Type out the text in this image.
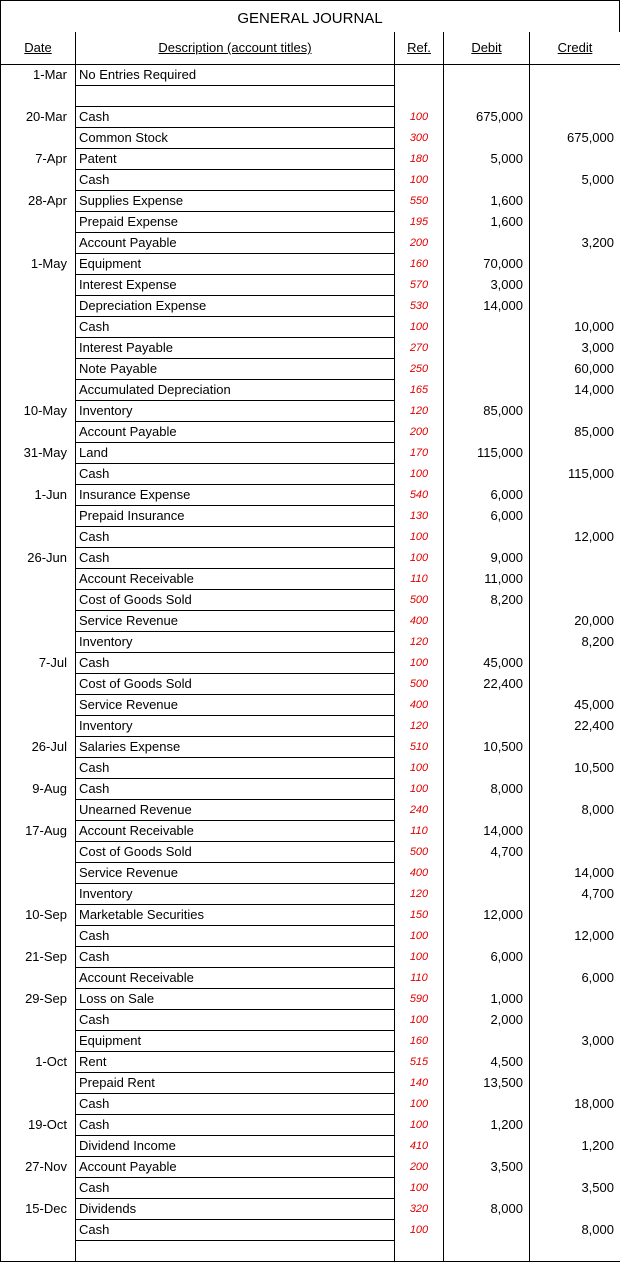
GENERAL JOURNAL
Date	Description (account titles)	Ref.	Debit	Credit
1-Mar	No Entries Required			

20-Mar	Cash	100	675,000	
	Common Stock	300		675,000
7-Apr	Patent	180	5,000	
	Cash	100		5,000
28-Apr	Supplies Expense	550	1,600	
	Prepaid Expense	195	1,600	
	Account Payable	200		3,200
1-May	Equipment	160	70,000	
	Interest Expense	570	3,000	
	Depreciation Expense	530	14,000	
	Cash	100		10,000
	Interest Payable	270		3,000
	Note Payable	250		60,000
	Accumulated Depreciation	165		14,000
10-May	Inventory	120	85,000	
	Account Payable	200		85,000
31-May	Land	170	115,000	
	Cash	100		115,000
1-Jun	Insurance Expense	540	6,000	
	Prepaid Insurance	130	6,000	
	Cash	100		12,000
26-Jun	Cash	100	9,000	
	Account Receivable	110	11,000	
	Cost of Goods Sold	500	8,200	
	Service Revenue	400		20,000
	Inventory	120		8,200
7-Jul	Cash	100	45,000	
	Cost of Goods Sold	500	22,400	
	Service Revenue	400		45,000
	Inventory	120		22,400
26-Jul	Salaries Expense	510	10,500	
	Cash	100		10,500
9-Aug	Cash	100	8,000	
	Unearned Revenue	240		8,000
17-Aug	Account Receivable	110	14,000	
	Cost of Goods Sold	500	4,700	
	Service Revenue	400		14,000
	Inventory	120		4,700
10-Sep	Marketable Securities	150	12,000	
	Cash	100		12,000
21-Sep	Cash	100	6,000	
	Account Receivable	110		6,000
29-Sep	Loss on Sale	590	1,000	
	Cash	100	2,000	
	Equipment	160		3,000
1-Oct	Rent	515	4,500	
	Prepaid Rent	140	13,500	
	Cash	100		18,000
19-Oct	Cash	100	1,200	
	Dividend Income	410		1,200
27-Nov	Account Payable	200	3,500	
	Cash	100		3,500
15-Dec	Dividends	320	8,000	
	Cash	100		8,000
